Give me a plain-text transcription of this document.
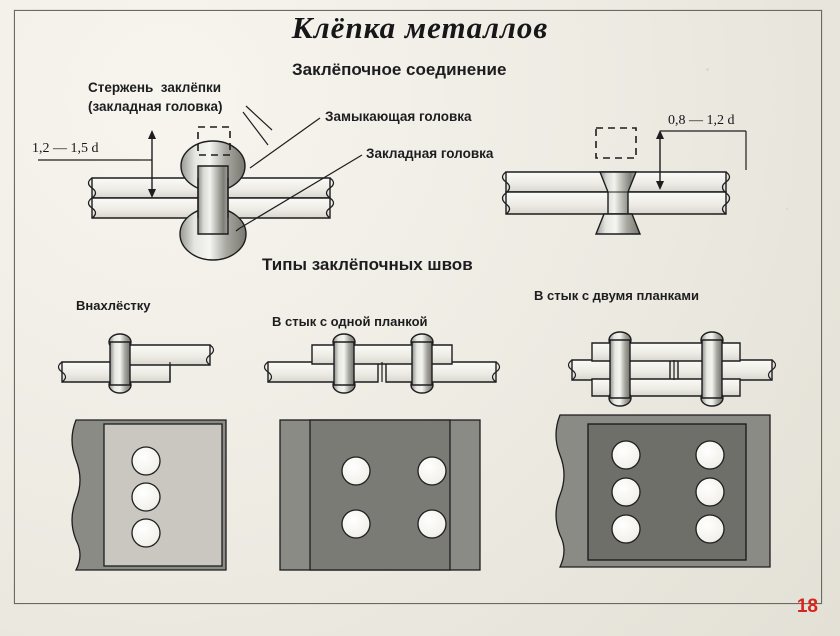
Клёпка металлов
Заклёпочное соединение
Типы заклёпочных швов
Стержень  заклёпки
(закладная головка)
Замыкающая головка
Закладная головка
1,2 — 1,5 d
0,8 — 1,2 d
Внахлёстку
В стык с одной планкой
В стык с двумя планками
18
